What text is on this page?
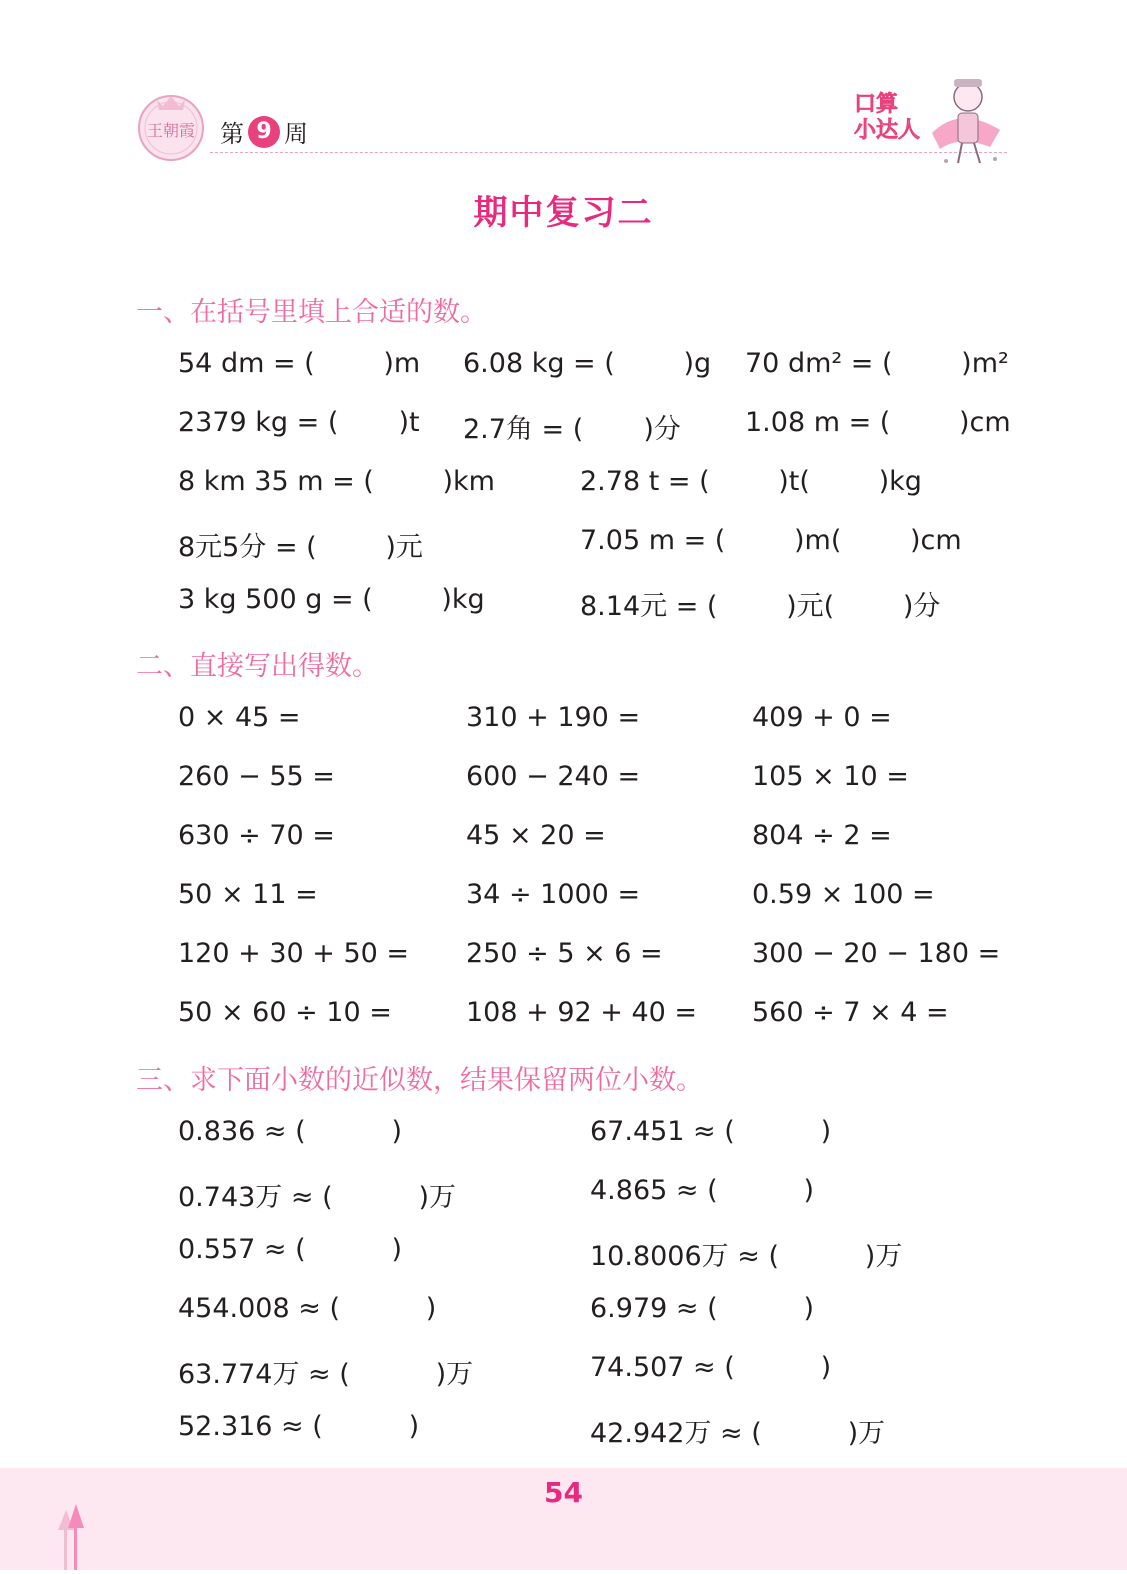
王朝霞 第 9 周
口算
小达人
期中复习二
一、在括号里填上合适的数。
二、直接写出得数。
三、求下面小数的近似数，结果保留两位小数。
54 dm = (        )m 6.08 kg = (        )g 70 dm² = (        )m²
2379 kg = (       )t 2.7角 = (       )分 1.08 m = (        )cm
8 km 35 m = (        )km	2.78 t = (        )t(        )kg
8元5分 = (        )元	7.05 m = (        )m(        )cm
3 kg 500 g = (        )kg	8.14元 = (        )元(        )分
0 × 45 =	310 + 190 =	409 + 0 =
260 − 55 =	600 − 240 =	105 × 10 =
630 ÷ 70 =	45 × 20 =	804 ÷ 2 =
50 × 11 =	34 ÷ 1000 =	0.59 × 100 =
120 + 30 + 50 = 250 ÷ 5 × 6 =	300 − 20 − 180 =
50 × 60 ÷ 10 =	108 + 92 + 40 = 560 ÷ 7 × 4 =
0.836 ≈ (          )	67.451 ≈ (          )
0.743万 ≈ (          )万	4.865 ≈ (          )
0.557 ≈ (          )	10.8006万 ≈ (          )万
454.008 ≈ (          )	6.979 ≈ (          )
63.774万 ≈ (          )万	74.507 ≈ (          )
52.316 ≈ (          )	42.942万 ≈ (          )万
54
